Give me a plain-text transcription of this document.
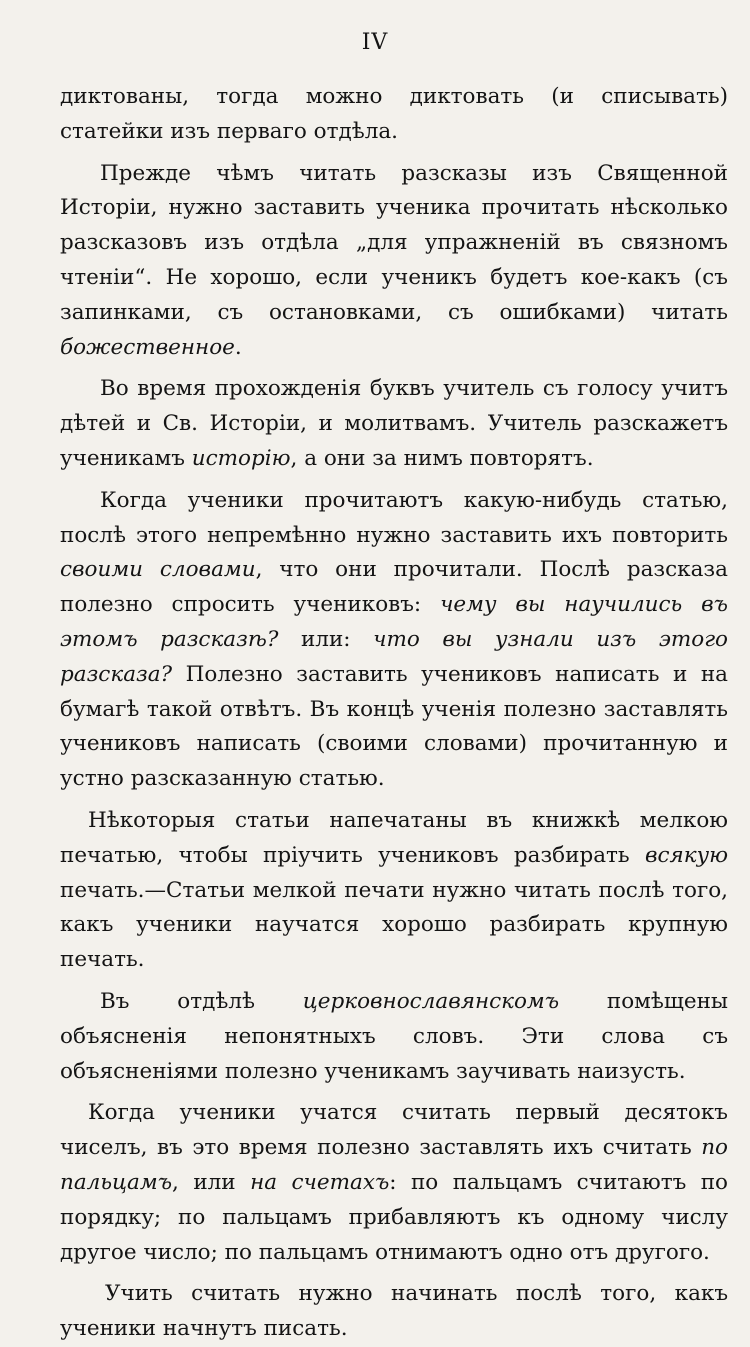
IV

диктованы, тогда можно диктовать (и списывать) статейки изъ перваго отдѣла.

Прежде чѣмъ читать разсказы изъ Священной Исторіи, нужно заставить ученика прочитать нѣсколько разсказовъ изъ отдѣла „для упражненій въ связномъ чтеніи“. Не хорошо, если ученикъ будетъ кое-какъ (съ запинками, съ остановками, съ ошибками) читать божественное.

Во время прохожденія буквъ учитель съ голосу учитъ дѣтей и Св. Исторіи, и молитвамъ. Учитель разскажетъ ученикамъ исторію, а они за нимъ повторятъ.

Когда ученики прочитаютъ какую-нибудь статью, послѣ этого непремѣнно нужно заставить ихъ повторить своими словами, что они прочитали. Послѣ разсказа полезно спросить учениковъ: чему вы научились въ этомъ разсказѣ? или: что вы узнали изъ этого разсказа? Полезно заставить учениковъ написать и на бумагѣ такой отвѣтъ. Въ концѣ ученія полезно заставлять учениковъ написать (своими словами) прочитанную и устно разсказанную статью.

Нѣкоторыя статьи напечатаны въ книжкѣ мелкою печатью, чтобы пріучить учениковъ разбирать всякую печать.—Статьи мелкой печати нужно читать послѣ того, какъ ученики научатся хорошо разбирать крупную печать.

Въ отдѣлѣ церковнославянскомъ помѣщены объясненія непонятныхъ словъ. Эти слова съ объясненіями полезно ученикамъ заучивать наизусть.

Когда ученики учатся считать первый десятокъ чиселъ, въ это время полезно заставлять ихъ считать по пальцамъ, или на счетахъ: по пальцамъ считаютъ по порядку; по пальцамъ прибавляютъ къ одному числу другое число; по пальцамъ отнимаютъ одно отъ другого.

Учить считать нужно начинать послѣ того, какъ ученики начнутъ писать.
